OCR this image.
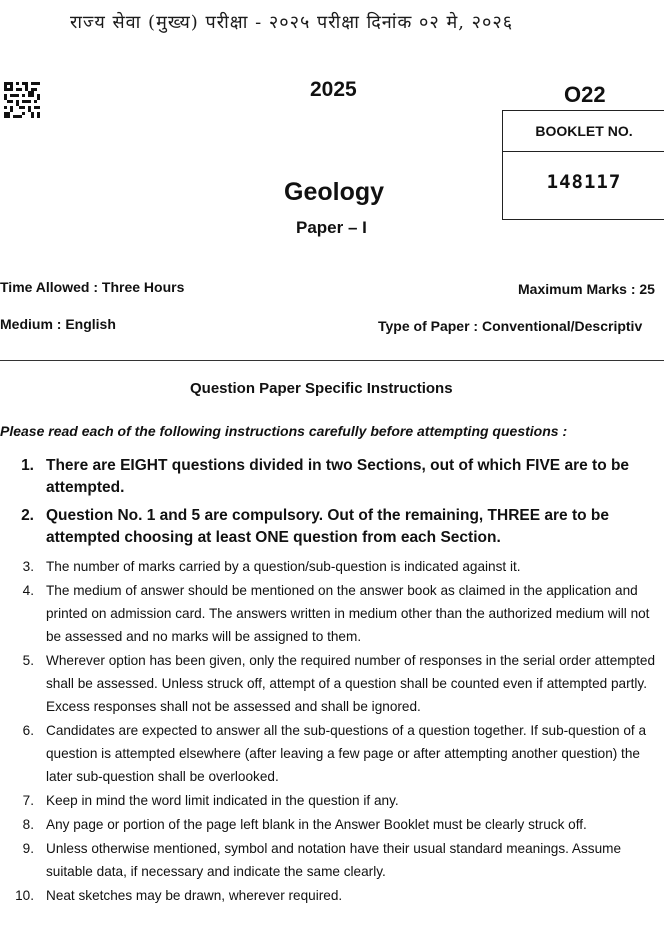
राज्य सेवा (मुख्य) परीक्षा - २०२५ परीक्षा दिनांक ०२ मे, २०२६
2025	O22
BOOKLET NO.
148117
Geology
Paper – I
Time Allowed : Three Hours	Maximum Marks : 25
Medium : English	Type of Paper : Conventional/Descriptiv
Question Paper Specific Instructions
Please read each of the following instructions carefully before attempting questions :
1. There are EIGHT questions divided in two Sections, out of which FIVE are to be attempted.
2. Question No. 1 and 5 are compulsory. Out of the remaining, THREE are to be attempted choosing at least ONE question from each Section.
3. The number of marks carried by a question/sub-question is indicated against it.
4. The medium of answer should be mentioned on the answer book as claimed in the application and printed on admission card. The answers written in medium other than the authorized medium will not be assessed and no marks will be assigned to them.
5. Wherever option has been given, only the required number of responses in the serial order attempted shall be assessed. Unless struck off, attempt of a question shall be counted even if attempted partly. Excess responses shall not be assessed and shall be ignored.
6. Candidates are expected to answer all the sub-questions of a question together. If sub-question of a question is attempted elsewhere (after leaving a few page or after attempting another question) the later sub-question shall be overlooked.
7. Keep in mind the word limit indicated in the question if any.
8. Any page or portion of the page left blank in the Answer Booklet must be clearly struck off.
9. Unless otherwise mentioned, symbol and notation have their usual standard meanings. Assume suitable data, if necessary and indicate the same clearly.
10. Neat sketches may be drawn, wherever required.
